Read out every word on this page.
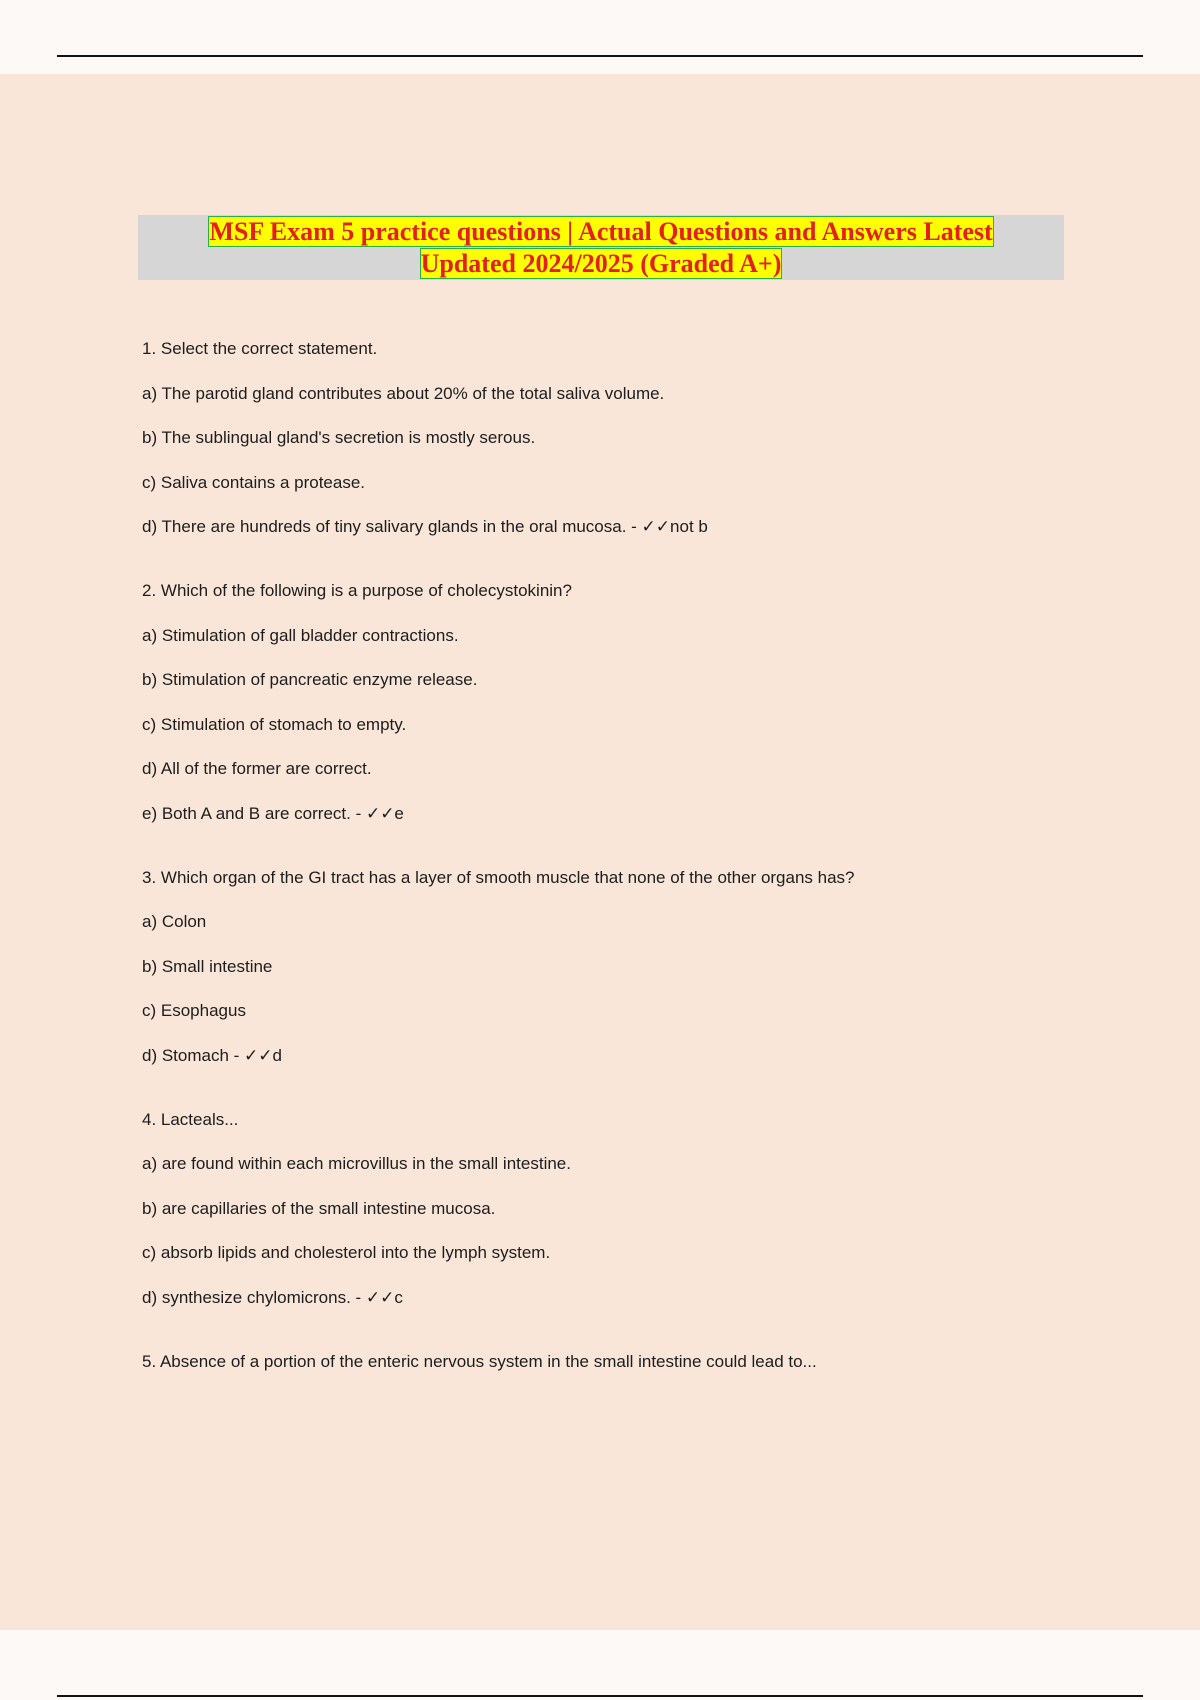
MSF Exam 5 practice questions | Actual Questions and Answers Latest
Updated 2024/2025 (Graded A+)
1. Select the correct statement.
a) The parotid gland contributes about 20% of the total saliva volume.
b) The sublingual gland's secretion is mostly serous.
c) Saliva contains a protease.
d) There are hundreds of tiny salivary glands in the oral mucosa. - ✓✓not b
2. Which of the following is a purpose of cholecystokinin?
a) Stimulation of gall bladder contractions.
b) Stimulation of pancreatic enzyme release.
c) Stimulation of stomach to empty.
d) All of the former are correct.
e) Both A and B are correct. - ✓✓e
3. Which organ of the GI tract has a layer of smooth muscle that none of the other organs has?
a) Colon
b) Small intestine
c) Esophagus
d) Stomach - ✓✓d
4. Lacteals...
a) are found within each microvillus in the small intestine.
b) are capillaries of the small intestine mucosa.
c) absorb lipids and cholesterol into the lymph system.
d) synthesize chylomicrons. - ✓✓c
5. Absence of a portion of the enteric nervous system in the small intestine could lead to...
